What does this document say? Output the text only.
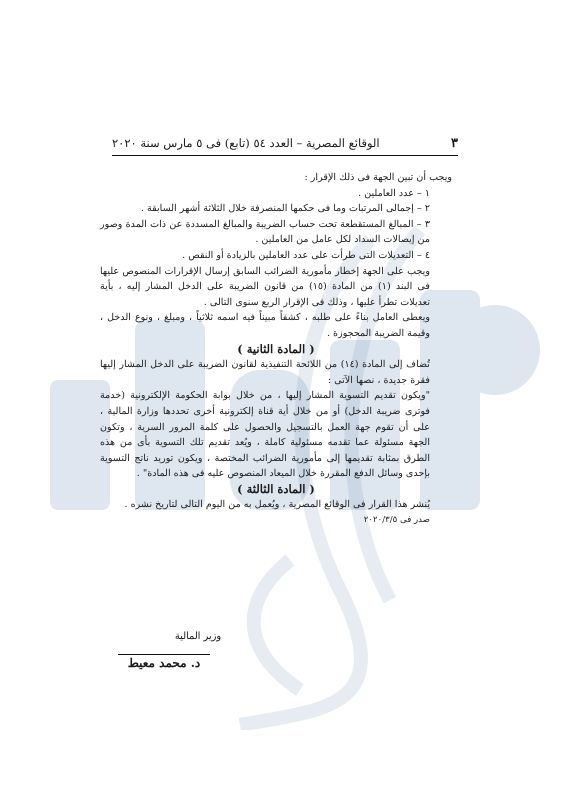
٣
الوقائع المصرية – العدد ٥٤ (تابع) فى ٥ مارس سنة ٢٠٢٠

ويجب أن تبين الجهة فى ذلك الإقرار :

١ – عدد العاملين .

٢ – إجمالى المرتبات وما فى حكمها المنصرفة خلال الثلاثة أشهر السابقة .

٣ – المبالغ المستقطعة تحت حساب الضريبة والمبالغ المسددة عن ذات المدة وصور من إيصالات السداد لكل عامل من العاملين .

٤ – التعديلات التى طرأت على عدد العاملين بالزيادة أو النقص .

ويجب على الجهة إخطار مأمورية الضرائب السابق إرسال الإقرارات المنصوص عليها فى البند (١) من المادة (١٥) من قانون الضريبة على الدخل المشار إليه ، بأية تعديلات تطرأ عليها ، وذلك فى الإقرار الربع سنوى التالى .

ويعطى العامل بناءً على طلبه ، كشفاً مبيناً فيه اسمه ثلاثياً ، ومبلغ ، ونوع الدخل ، وقيمة الضريبة المحجوزة .

( المادة الثانية )

تُضاف إلى المادة (١٤) من اللائحة التنفيذية لقانون الضريبة على الدخل المشار إليها فقرة جديدة ، نصها الآتى :

"ويكون تقديم التسوية المشار إليها ، من خلال بوابة الحكومة الإلكترونية (خدمة فوترى ضريبة الدخل) أو من خلال أية قناة إلكترونية أخرى تحددها وزارة المالية ، على أن تقوم جهة العمل بالتسجيل والحصول على كلمة المرور السرية ، وتكون الجهة مسئولة عما تقدمه مسئولية كاملة ، ويُعد تقديم تلك التسوية بأى من هذه الطرق بمثابة تقديمها إلى مأمورية الضرائب المختصة ، ويكون توريد ناتج التسوية بإحدى وسائل الدفع المقررة خلال الميعاد المنصوص عليه فى هذه المادة" .

( المادة الثالثة )

يُنشر هذا القرار فى الوقائع المصرية ، ويُعمل به من اليوم التالى لتاريخ نشره .

صدر فى ٢٠٢٠/٣/٥

وزير المالية
د. محمد معيط
